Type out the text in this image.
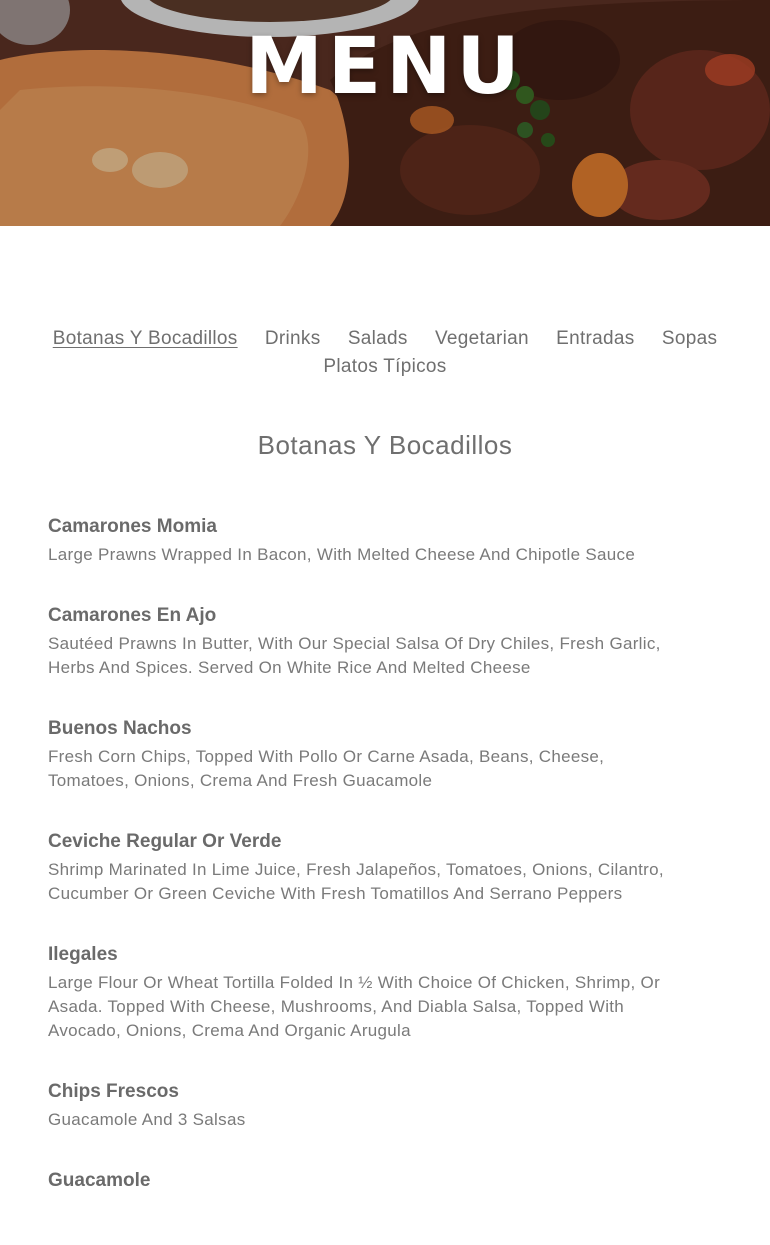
MENU
Botanas Y Bocadillos Drinks Salads Vegetarian Entradas Sopas
Platos Típicos
Botanas Y Bocadillos
Camarones Momia
Large Prawns Wrapped In Bacon, With Melted Cheese And Chipotle Sauce
Camarones En Ajo
Sautéed Prawns In Butter, With Our Special Salsa Of Dry Chiles, Fresh Garlic, Herbs And Spices. Served On White Rice And Melted Cheese
Buenos Nachos
Fresh Corn Chips, Topped With Pollo Or Carne Asada, Beans, Cheese, Tomatoes, Onions, Crema And Fresh Guacamole
Ceviche Regular Or Verde
Shrimp Marinated In Lime Juice, Fresh Jalapeños, Tomatoes, Onions, Cilantro, Cucumber Or Green Ceviche With Fresh Tomatillos And Serrano Peppers
Ilegales
Large Flour Or Wheat Tortilla Folded In ½ With Choice Of Chicken, Shrimp, Or Asada. Topped With Cheese, Mushrooms, And Diabla Salsa, Topped With Avocado, Onions, Crema And Organic Arugula
Chips Frescos
Guacamole And 3 Salsas
Guacamole
